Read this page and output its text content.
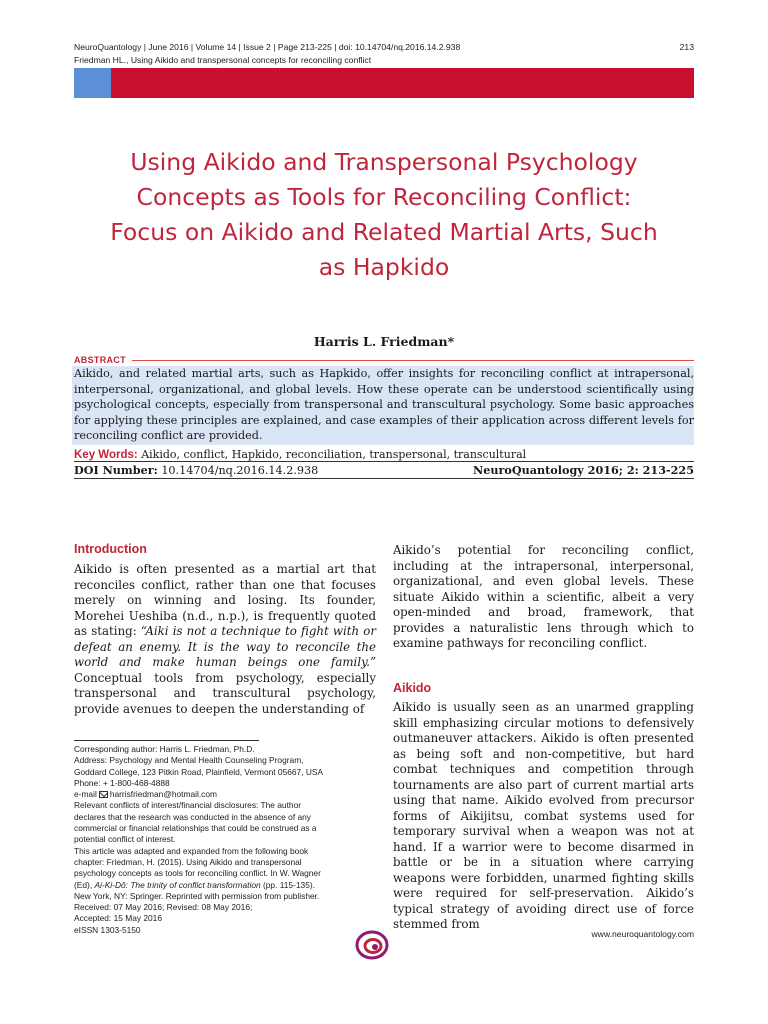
NeuroQuantology | June 2016 | Volume 14 | Issue 2 | Page 213-225 | doi: 10.14704/nq.2016.14.2.938
Friedman HL., Using Aikido and transpersonal concepts for reconciling conflict
213
Using Aikido and Transpersonal Psychology
Concepts as Tools for Reconciling Conflict:
Focus on Aikido and Related Martial Arts, Such
as Hapkido
Harris L. Friedman*
ABSTRACT
Aikido, and related martial arts, such as Hapkido, offer insights for reconciling conflict at intrapersonal, interpersonal, organizational, and global levels. How these operate can be understood scientifically using psychological concepts, especially from transpersonal and transcultural psychology. Some basic approaches for applying these principles are explained, and case examples of their application across different levels for reconciling conflict are provided.
Key Words: Aikido, conflict, Hapkido, reconciliation, transpersonal, transcultural
DOI Number: 10.14704/nq.2016.14.2.938	NeuroQuantology 2016; 2: 213-225
Introduction
Aikido is often presented as a martial art that reconciles conflict, rather than one that focuses merely on winning and losing. Its founder, Morehei Ueshiba (n.d., n.p.), is frequently quoted as stating: “Aiki is not a technique to fight with or defeat an enemy. It is the way to reconcile the world and make human beings one family.” Conceptual tools from psychology, especially transpersonal and transcultural psychology, provide avenues to deepen the understanding of
Aikido’s potential for reconciling conflict, including at the intrapersonal, interpersonal, organizational, and even global levels. These situate Aikido within a scientific, albeit a very open-minded and broad, framework, that provides a naturalistic lens through which to examine pathways for reconciling conflict.
Aikido
Aikido is usually seen as an unarmed grappling skill emphasizing circular motions to defensively outmaneuver attackers. Aikido is often presented as being soft and non-competitive, but hard combat techniques and competition through tournaments are also part of current martial arts using that name. Aikido evolved from precursor forms of Aikijitsu, combat systems used for temporary survival when a weapon was not at hand. If a warrior were to become disarmed in battle or be in a situation where carrying weapons were forbidden, unarmed fighting skills were required for self-preservation. Aikido’s typical strategy of avoiding direct use of force stemmed from
Corresponding author: Harris L. Friedman, Ph.D.
Address: Psychology and Mental Health Counseling Program,
Goddard College, 123 Pitkin Road, Plainfield, Vermont 05667, USA
Phone: + 1-800-468-4888
e-mail harrisfriedman@hotmail.com
Relevant conflicts of interest/financial disclosures: The author
declares that the research was conducted in the absence of any
commercial or financial relationships that could be construed as a
potential conflict of interest.
This article was adapted and expanded from the following book
chapter: Friedman, H. (2015). Using Aikido and transpersonal
psychology concepts as tools for reconciling conflict. In W. Wagner
(Ed), Ai-Ki-Dô: The trinity of conflict transformation (pp. 115-135).
New York, NY: Springer. Reprinted with permission from publisher.
Received: 07 May 2016; Revised: 08 May 2016;
Accepted: 15 May 2016
eISSN 1303-5150	www.neuroquantology.com
